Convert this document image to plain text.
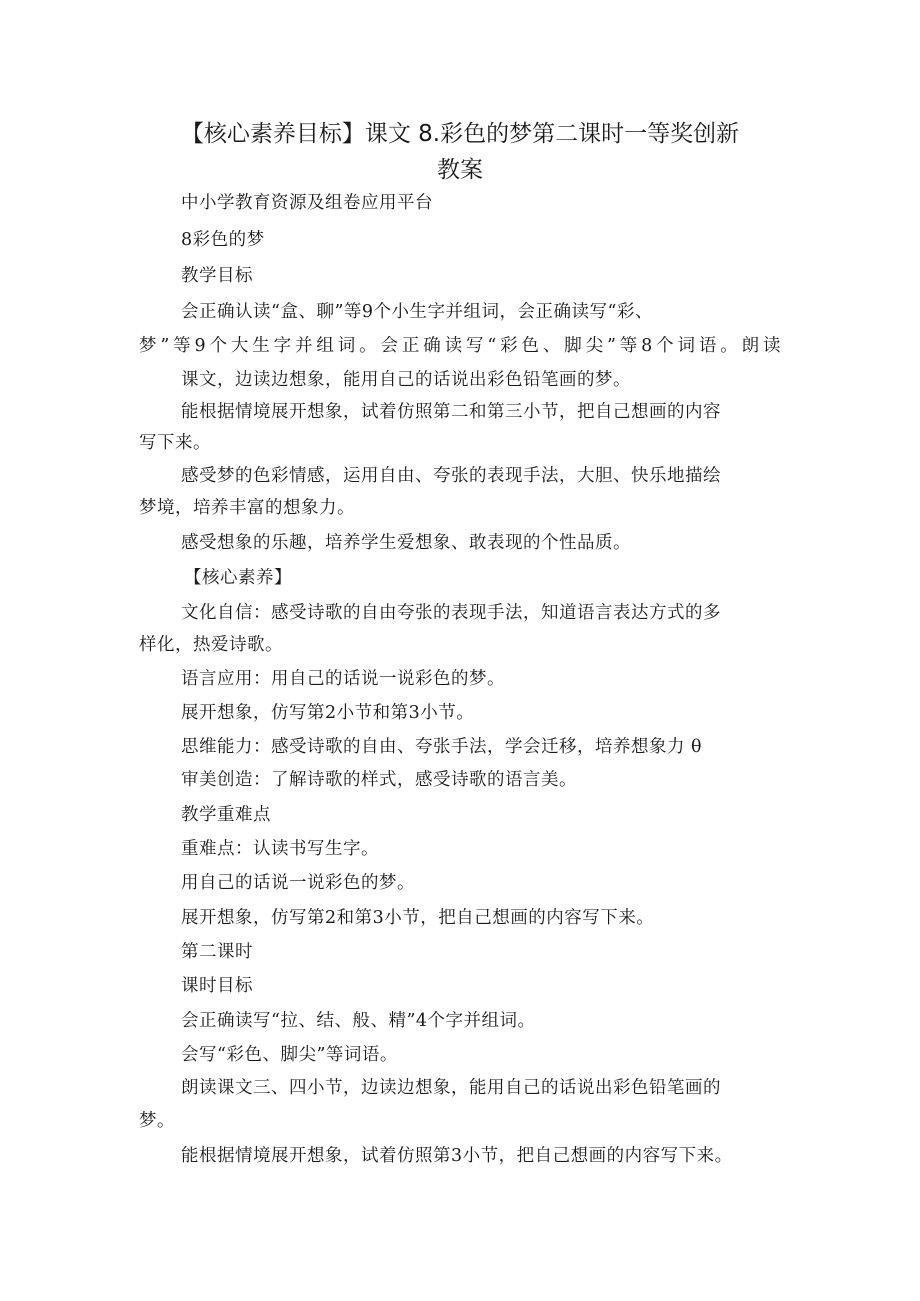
【核心素养目标】课文 8.彩色的梦第二课时一等奖创新
教案
中小学教育资源及组卷应用平台
8彩色的梦
教学目标
会正确认读“盒、聊”等9个小生字并组词，会正确读写“彩、
梦”等9个大生字并组词。会正确读写“彩色、脚尖”等8个词语。朗读
课文，边读边想象，能用自己的话说出彩色铅笔画的梦。
能根据情境展开想象，试着仿照第二和第三小节，把自己想画的内容
写下来。
感受梦的色彩情感，运用自由、夸张的表现手法，大胆、快乐地描绘
梦境，培养丰富的想象力。
感受想象的乐趣，培养学生爱想象、敢表现的个性品质。
【核心素养】
文化自信：感受诗歌的自由夸张的表现手法，知道语言表达方式的多
样化，热爱诗歌。
语言应用：用自己的话说一说彩色的梦。
展开想象，仿写第2小节和第3小节。
思维能力：感受诗歌的自由、夸张手法，学会迁移，培养想象力 θ
审美创造：了解诗歌的样式，感受诗歌的语言美。
教学重难点
重难点：认读书写生字。
用自己的话说一说彩色的梦。
展开想象，仿写第2和第3小节，把自己想画的内容写下来。
第二课时
课时目标
会正确读写“拉、结、般、精”4个字并组词。
会写“彩色、脚尖”等词语。
朗读课文三、四小节，边读边想象，能用自己的话说出彩色铅笔画的
梦。
能根据情境展开想象，试着仿照第3小节，把自己想画的内容写下来。
